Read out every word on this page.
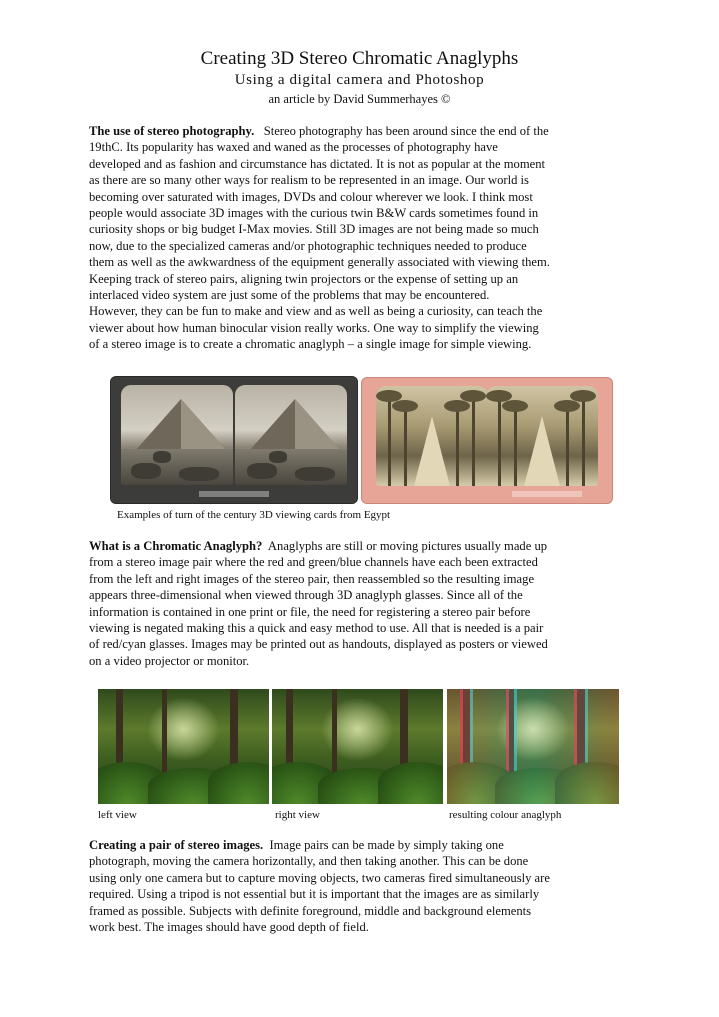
Creating 3D Stereo Chromatic Anaglyphs
Using a digital camera and Photoshop
an article by David Summerhayes ©
The use of stereo photography. Stereo photography has been around since the end of the
19thC. Its popularity has waxed and waned as the processes of photography have
developed and as fashion and circumstance has dictated. It is not as popular at the moment
as there are so many other ways for realism to be represented in an image. Our world is
becoming over saturated with images, DVDs and colour wherever we look. I think most
people would associate 3D images with the curious twin B&W cards sometimes found in
curiosity shops or big budget I-Max movies. Still 3D images are not being made so much
now, due to the specialized cameras and/or photographic techniques needed to produce
them as well as the awkwardness of the equipment generally associated with viewing them.
Keeping track of stereo pairs, aligning twin projectors or the expense of setting up an
interlaced video system are just some of the problems that may be encountered.
However, they can be fun to make and view and as well as being a curiosity, can teach the
viewer about how human binocular vision really works. One way to simplify the viewing
of a stereo image is to create a chromatic anaglyph – a single image for simple viewing.
Examples of turn of the century 3D viewing cards from Egypt
What is a Chromatic Anaglyph? Anaglyphs are still or moving pictures usually made up
from a stereo image pair where the red and green/blue channels have each been extracted
from the left and right images of the stereo pair, then reassembled so the resulting image
appears three-dimensional when viewed through 3D anaglyph glasses. Since all of the
information is contained in one print or file, the need for registering a stereo pair before
viewing is negated making this a quick and easy method to use. All that is needed is a pair
of red/cyan glasses. Images may be printed out as handouts, displayed as posters or viewed
on a video projector or monitor.
left view	right view	resulting colour anaglyph
Creating a pair of stereo images. Image pairs can be made by simply taking one
photograph, moving the camera horizontally, and then taking another. This can be done
using only one camera but to capture moving objects, two cameras fired simultaneously are
required. Using a tripod is not essential but it is important that the images are as similarly
framed as possible. Subjects with definite foreground, middle and background elements
work best. The images should have good depth of field.
